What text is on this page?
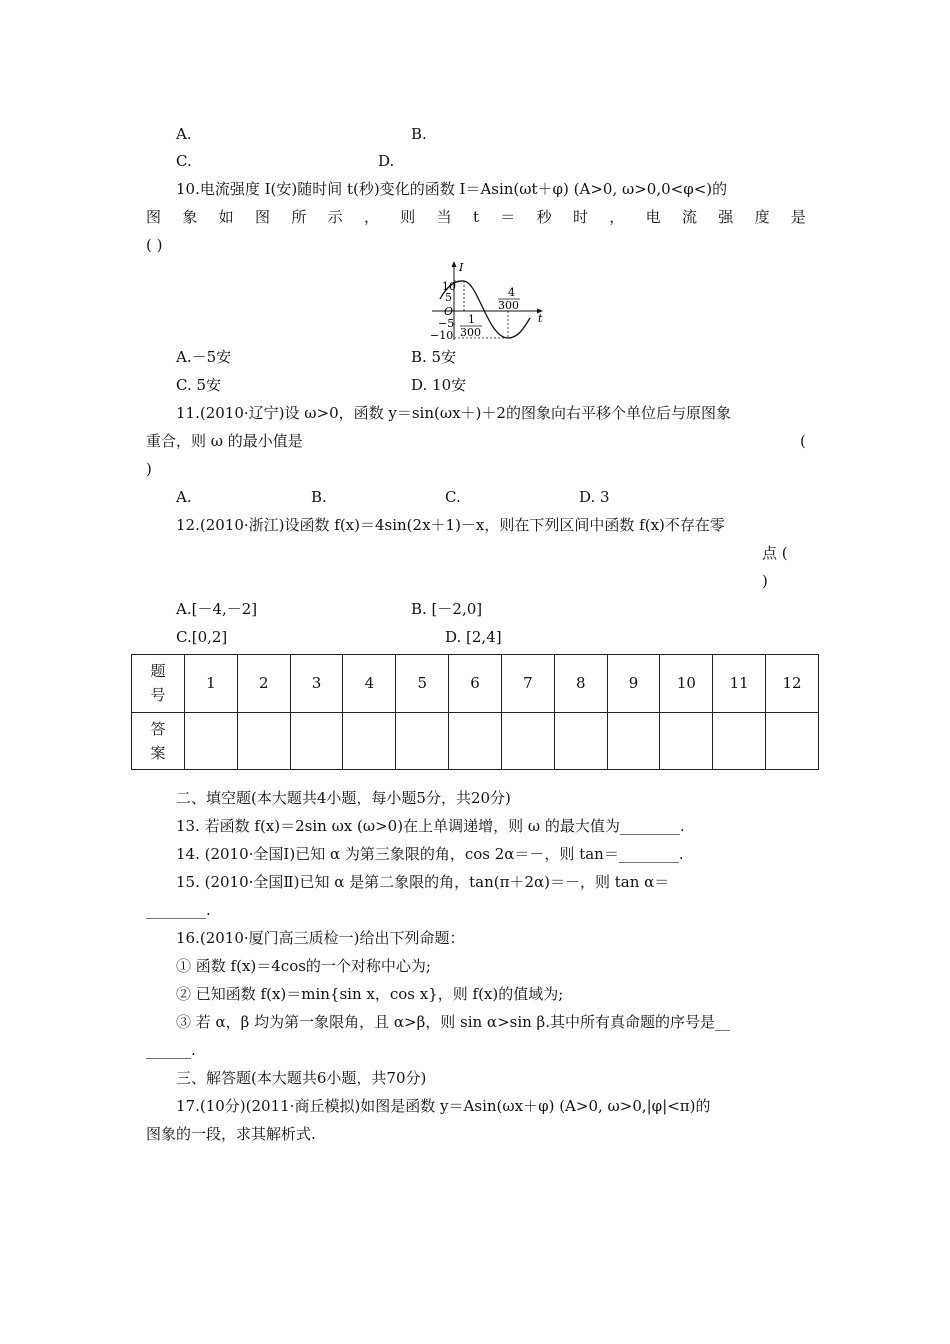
A.	B.
C.	D.
10.电流强度 I(安)随时间 t(秒)变化的函数 I＝Asin(ωt＋φ) (A>0, ω>0,0<φ<)的
图 象 如 图 所 示 ， 则 当 t ＝ 秒 时 ， 电 流 强 度 是
( )
I
t
10
5
O
−5
−10
1
300
4
300
A.－5安	B. 5安
C. 5安	D. 10安
11.(2010·辽宁)设 ω>0，函数 y＝sin(ωx＋)＋2的图象向右平移个单位后与原图象
重合，则 ω 的最小值是	(
)
A.	B.	C.	D. 3
12.(2010·浙江)设函数 f(x)＝4sin(2x＋1)－x，则在下列区间中函数 f(x)不存在零
点 (
)
A.[－4,－2]	B. [－2,0]
C.[0,2]	D. [2,4]
题
号	1	2	3	4	5	6	7	8	9	10	11	12
答
案												
二、填空题(本大题共4小题，每小题5分，共20分)
13. 若函数 f(x)＝2sin ωx (ω>0)在上单调递增，则 ω 的最大值为________.
14. (2010·全国Ⅰ)已知 α 为第三象限的角，cos 2α＝－，则 tan＝________.
15. (2010·全国Ⅱ)已知 α 是第二象限的角，tan(π＋2α)＝－，则 tan α＝
________.
16.(2010·厦门高三质检一)给出下列命题：
① 函数 f(x)＝4cos的一个对称中心为;
② 已知函数 f(x)＝min{sin x，cos x}，则 f(x)的值域为;
③ 若 α，β 均为第一象限角，且 α>β，则 sin α>sin β.其中所有真命题的序号是__
______.
三、解答题(本大题共6小题，共70分)
17.(10分)(2011·商丘模拟)如图是函数 y＝Asin(ωx＋φ) (A>0, ω>0,|φ|<π)的
图象的一段，求其解析式.
